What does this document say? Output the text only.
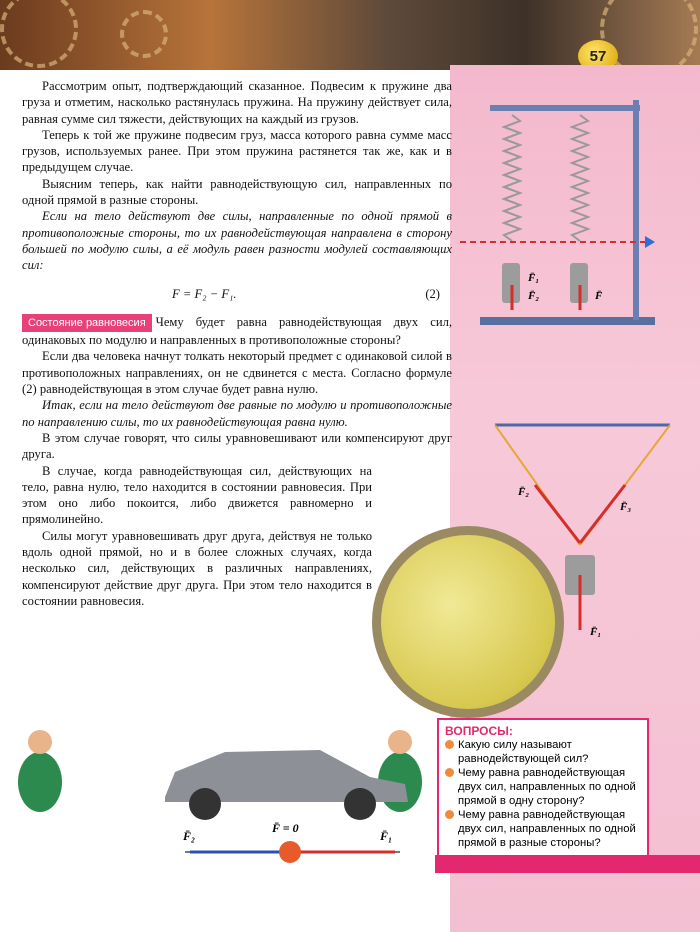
57
F̄₁
F̄₂	F̄
F̄₂
F̄₃
F̄₁

Рассмотрим опыт, подтверждающий сказанное. Подвесим к пружине два груза и отметим, насколько растянулась пружина. На пружину действует сила, равная сумме сил тяжести, действующих на каждый из грузов.

Теперь к той же пружине подвесим груз, масса которого равна сумме масс грузов, используемых ранее. При этом пружина растянется так же, как и в предыдущем случае.

Выясним теперь, как найти равнодействующую сил, направленных по одной прямой в разные стороны.

Если на тело действуют две силы, направленные по одной прямой в противоположные стороны, то их равнодействующая направлена в сторону большей по модулю силы, а её модуль равен разности модулей составляющих сил:

F = F₂ − F₁.	(2)

Состояние равновесия Чему будет равна равнодействующая двух сил, одинаковых по модулю и направленных в противоположные стороны?

Если два человека начнут толкать некоторый предмет с одинаковой силой в противоположных направлениях, он не сдвинется с места. Согласно формуле (2) равнодействующая в этом случае будет равна нулю.

Итак, если на тело действуют две равные по модулю и противоположные по направлению силы, то их равнодействующая равна нулю.

В этом случае говорят, что силы уравновешивают или компенсируют друг друга.

В случае, когда равнодействующая сил, действующих на тело, равна нулю, тело находится в состоянии равновесия. При этом оно либо покоится, либо движется равномерно и прямолинейно.

Силы могут уравновешивать друг друга, действуя не только вдоль одной прямой, но и в более сложных случаях, когда несколько сил, действующих в различных направлениях, компенсируют действие друг друга. При этом тело находится в состоянии равновесия.

F̄₂
F̄ = 0
F̄₁
ВОПРОСЫ:
Какую силу называют равнодействующей сил?
Чему равна равнодействующая двух сил, направленных по одной прямой в одну сторону?
Чему равна равнодействующая двух сил, направленных по одной прямой в разные стороны?
